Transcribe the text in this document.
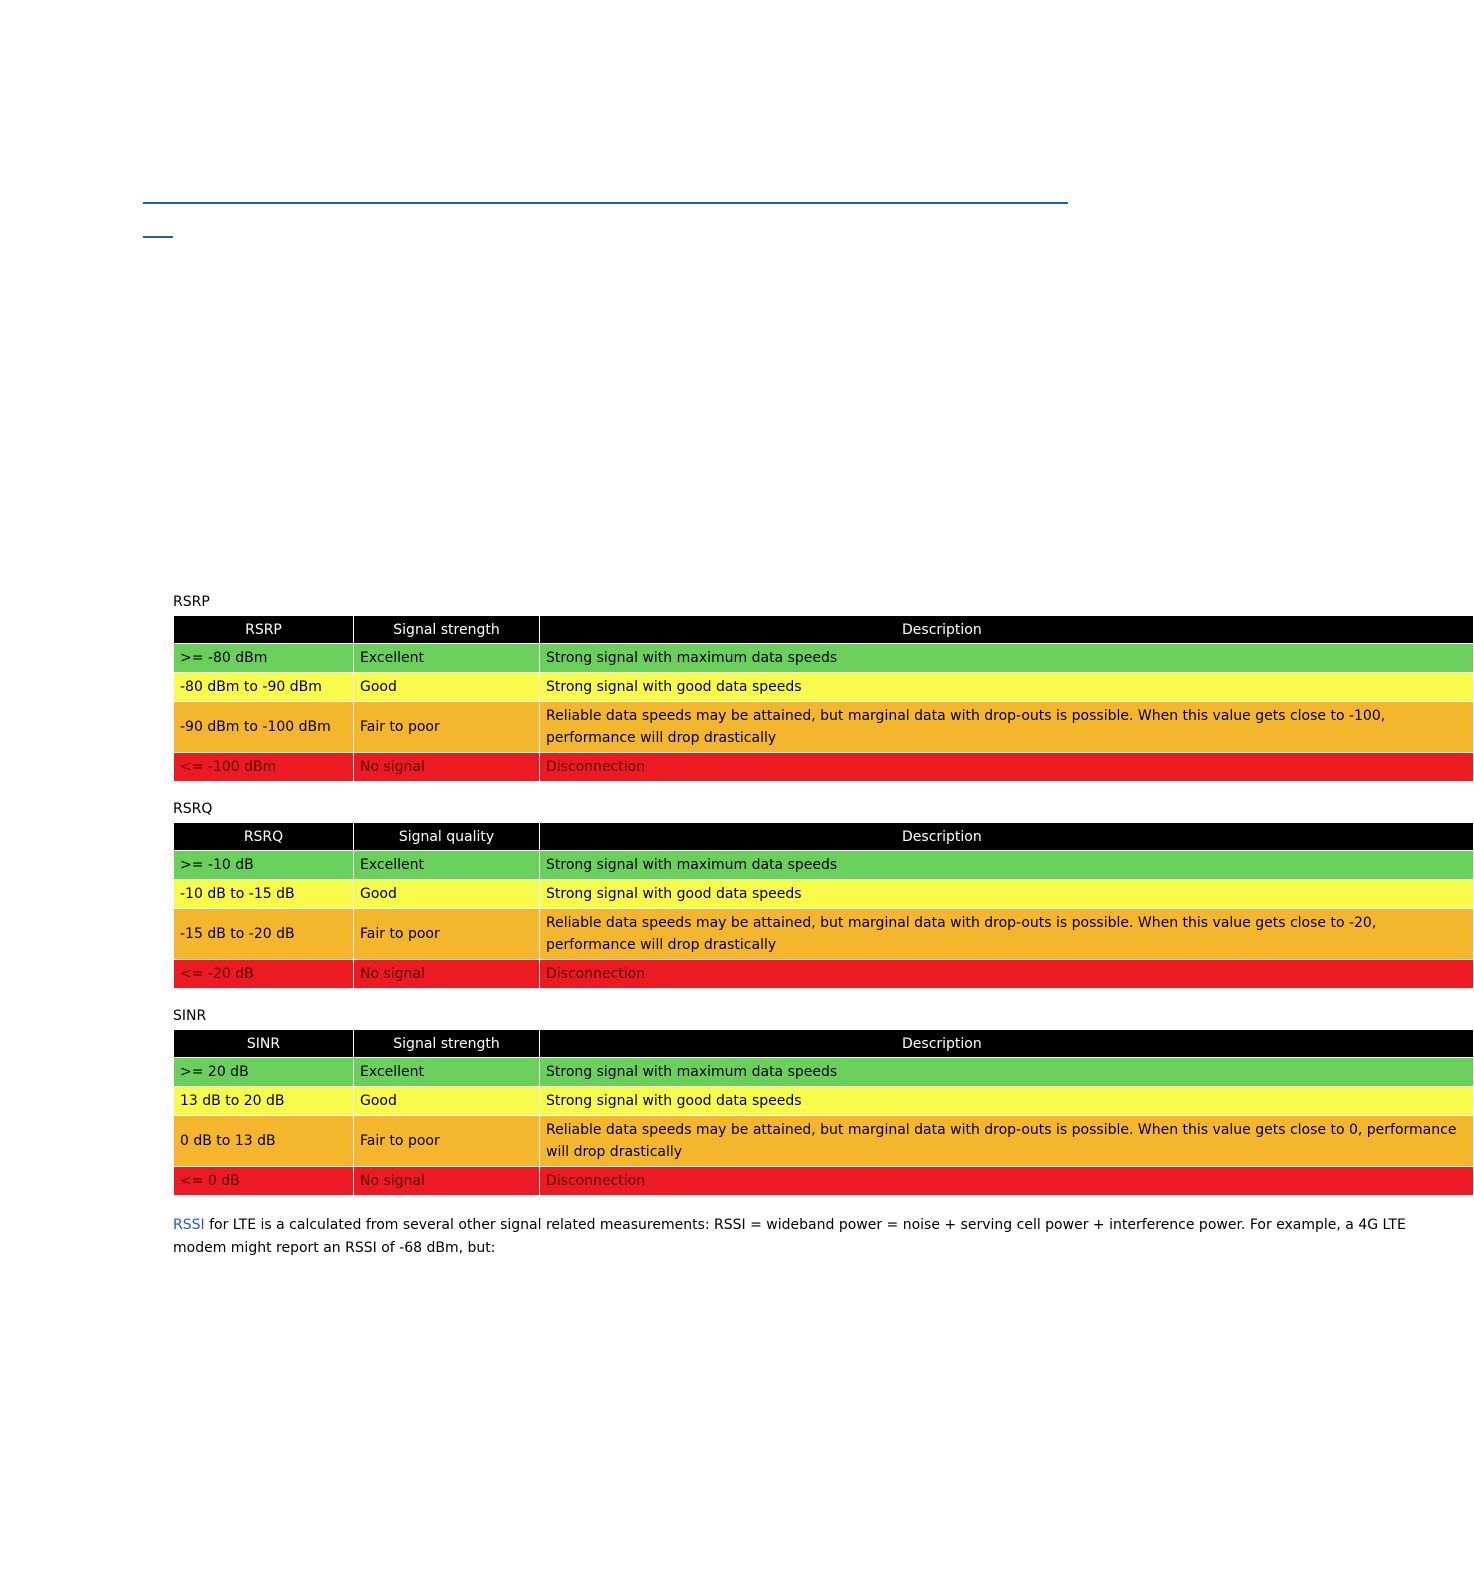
RSRP
RSRP	Signal strength	Description
>= -80 dBm	Excellent	Strong signal with maximum data speeds
-80 dBm to -90 dBm	Good	Strong signal with good data speeds
-90 dBm to -100 dBm	Fair to poor	Reliable data speeds may be attained, but marginal data with drop-outs is possible. When this value gets close to -100, performance will drop drastically
<= -100 dBm	No signal	Disconnection
RSRQ
RSRQ	Signal quality	Description
>= -10 dB	Excellent	Strong signal with maximum data speeds
-10 dB to -15 dB	Good	Strong signal with good data speeds
-15 dB to -20 dB	Fair to poor	Reliable data speeds may be attained, but marginal data with drop-outs is possible. When this value gets close to -20, performance will drop drastically
<= -20 dB	No signal	Disconnection
SINR
SINR	Signal strength	Description
>= 20 dB	Excellent	Strong signal with maximum data speeds
13 dB to 20 dB	Good	Strong signal with good data speeds
0 dB to 13 dB	Fair to poor	Reliable data speeds may be attained, but marginal data with drop-outs is possible. When this value gets close to 0, performance will drop drastically
<= 0 dB	No signal	Disconnection
RSSI for LTE is a calculated from several other signal related measurements: RSSI = wideband power = noise + serving cell power + interference power. For example, a 4G LTE
modem might report an RSSI of -68 dBm, but:
